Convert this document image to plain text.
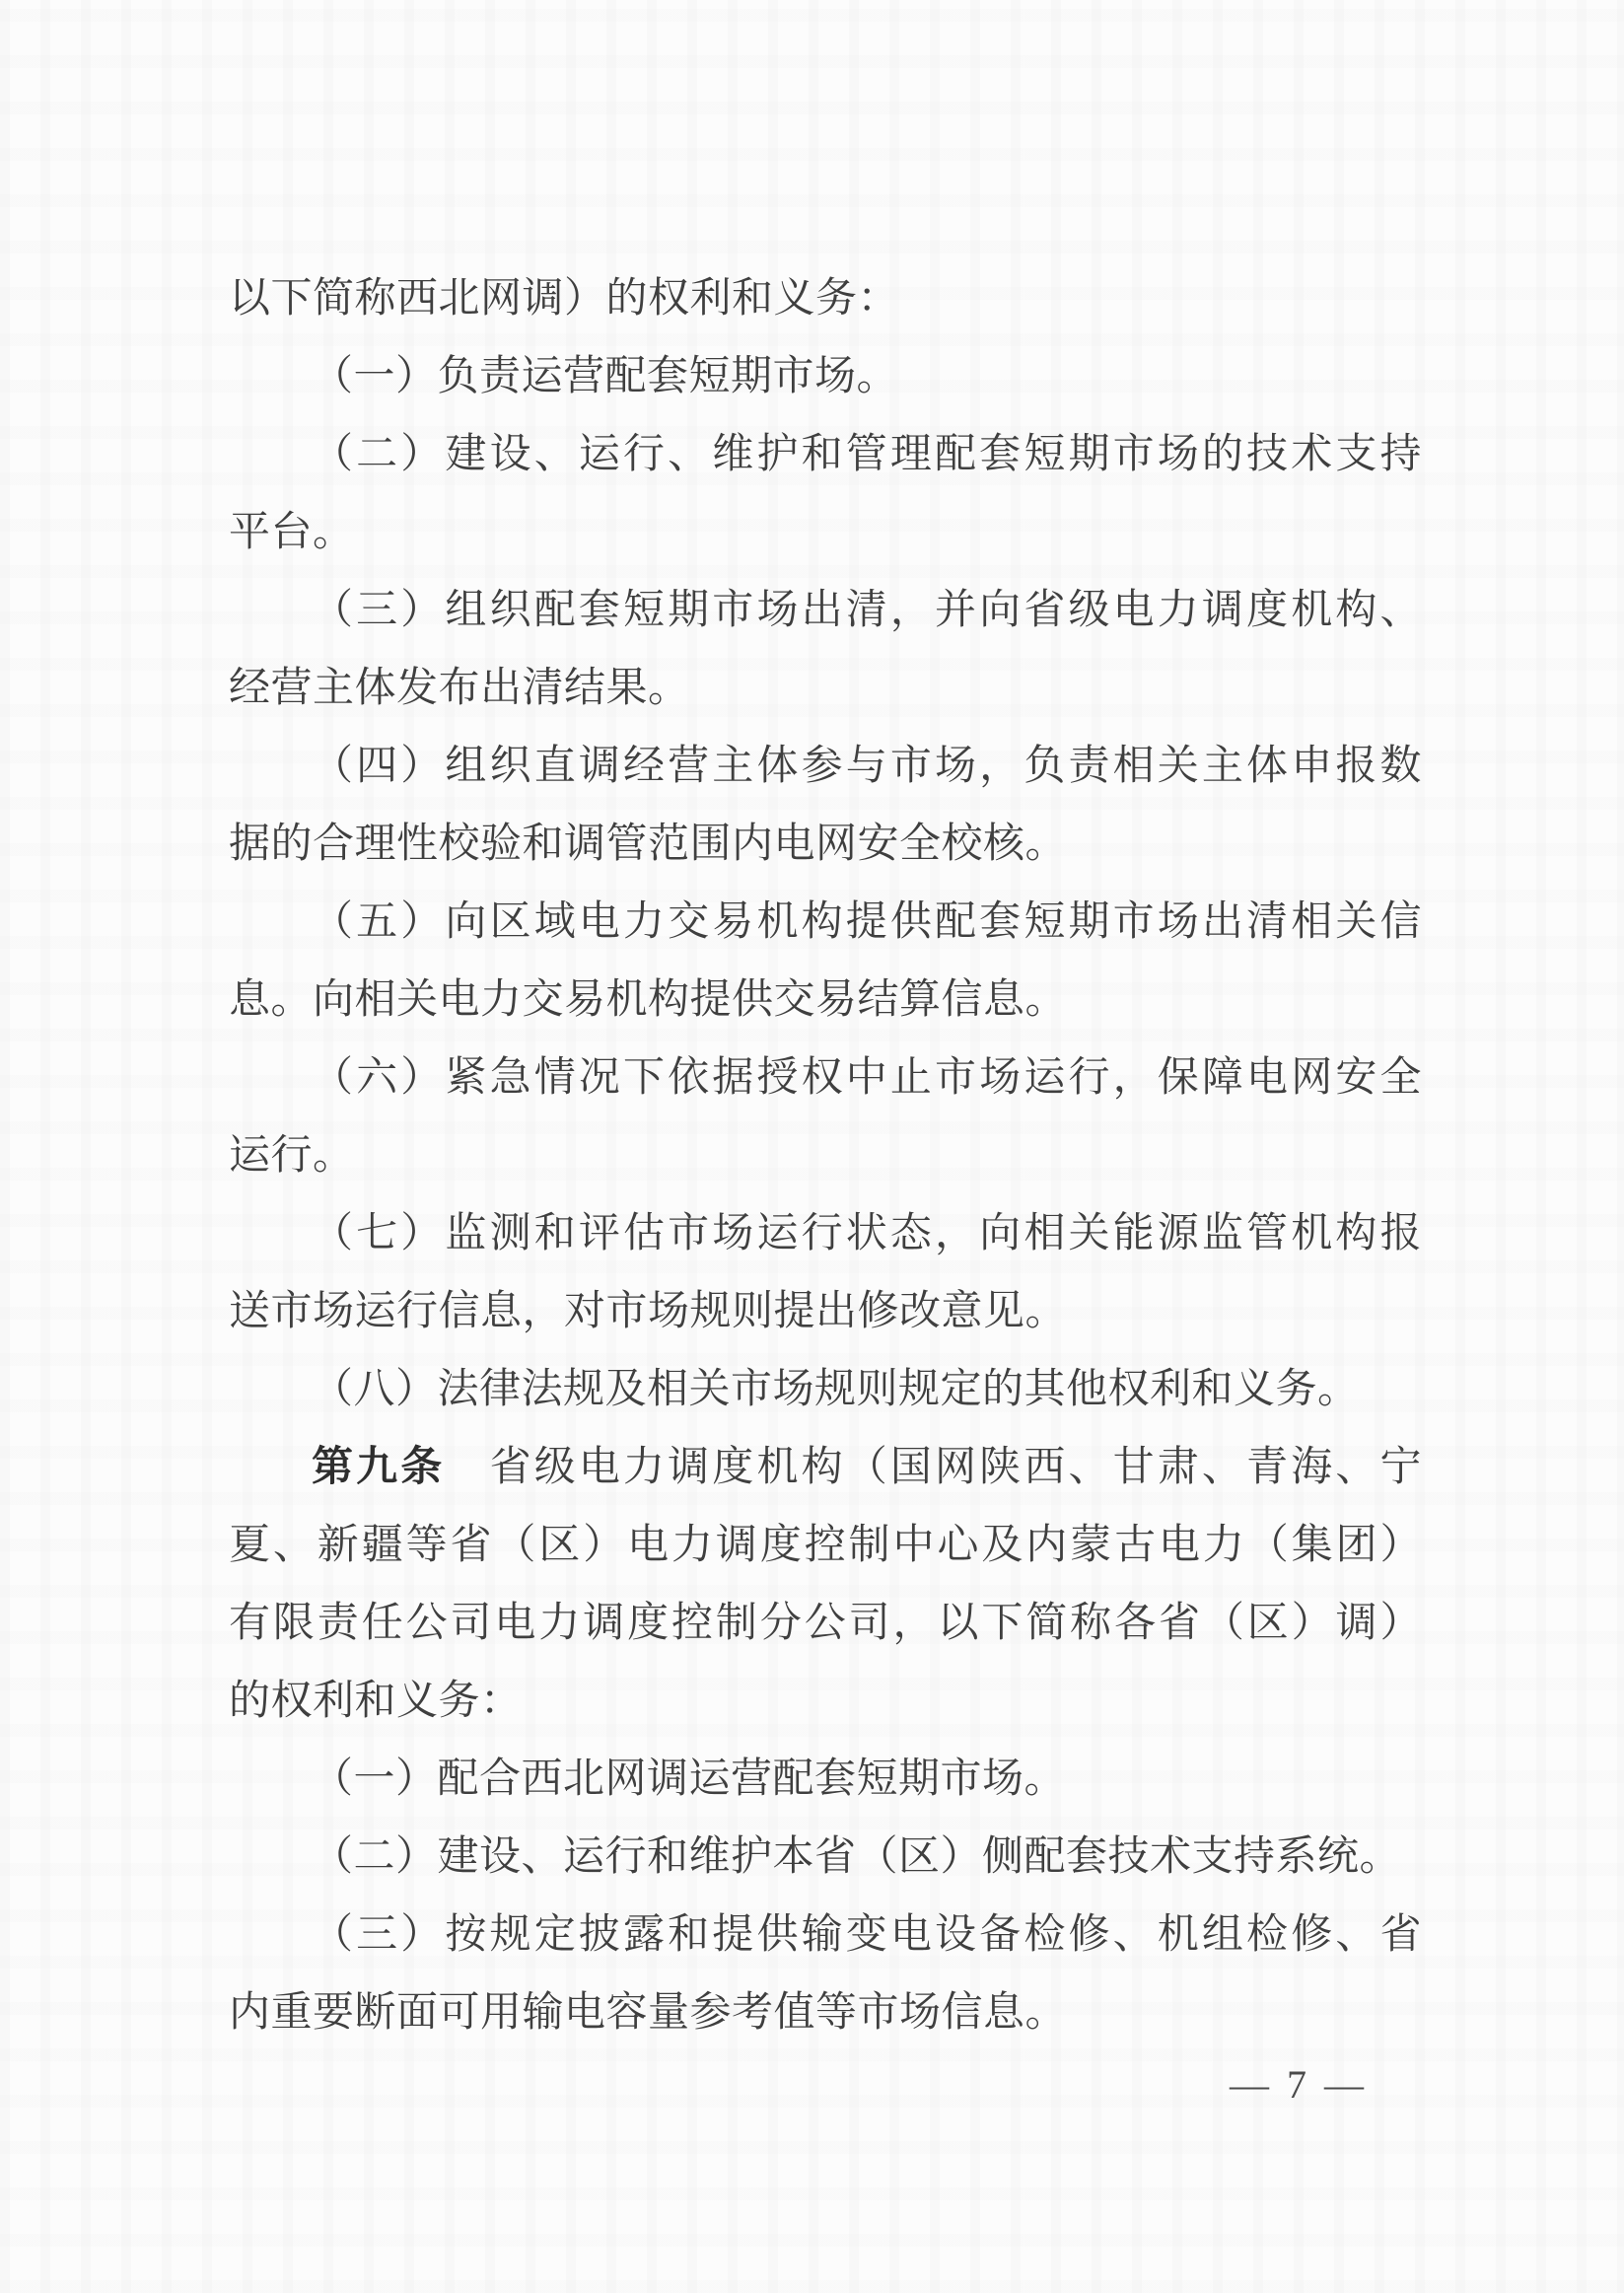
以下简称西北网调）的权利和义务：
（一）负责运营配套短期市场。
（二）建设、运行、维护和管理配套短期市场的技术支持
平台。
（三）组织配套短期市场出清，并向省级电力调度机构、
经营主体发布出清结果。
（四）组织直调经营主体参与市场，负责相关主体申报数
据的合理性校验和调管范围内电网安全校核。
（五）向区域电力交易机构提供配套短期市场出清相关信
息。向相关电力交易机构提供交易结算信息。
（六）紧急情况下依据授权中止市场运行，保障电网安全
运行。
（七）监测和评估市场运行状态，向相关能源监管机构报
送市场运行信息，对市场规则提出修改意见。
（八）法律法规及相关市场规则规定的其他权利和义务。
第九条　省级电力调度机构（国网陕西、甘肃、青海、宁
夏、新疆等省（区）电力调度控制中心及内蒙古电力（集团）
有限责任公司电力调度控制分公司，以下简称各省（区）调）
的权利和义务：
（一）配合西北网调运营配套短期市场。
（二）建设、运行和维护本省（区）侧配套技术支持系统。
（三）按规定披露和提供输变电设备检修、机组检修、省
内重要断面可用输电容量参考值等市场信息。
— 7 —
